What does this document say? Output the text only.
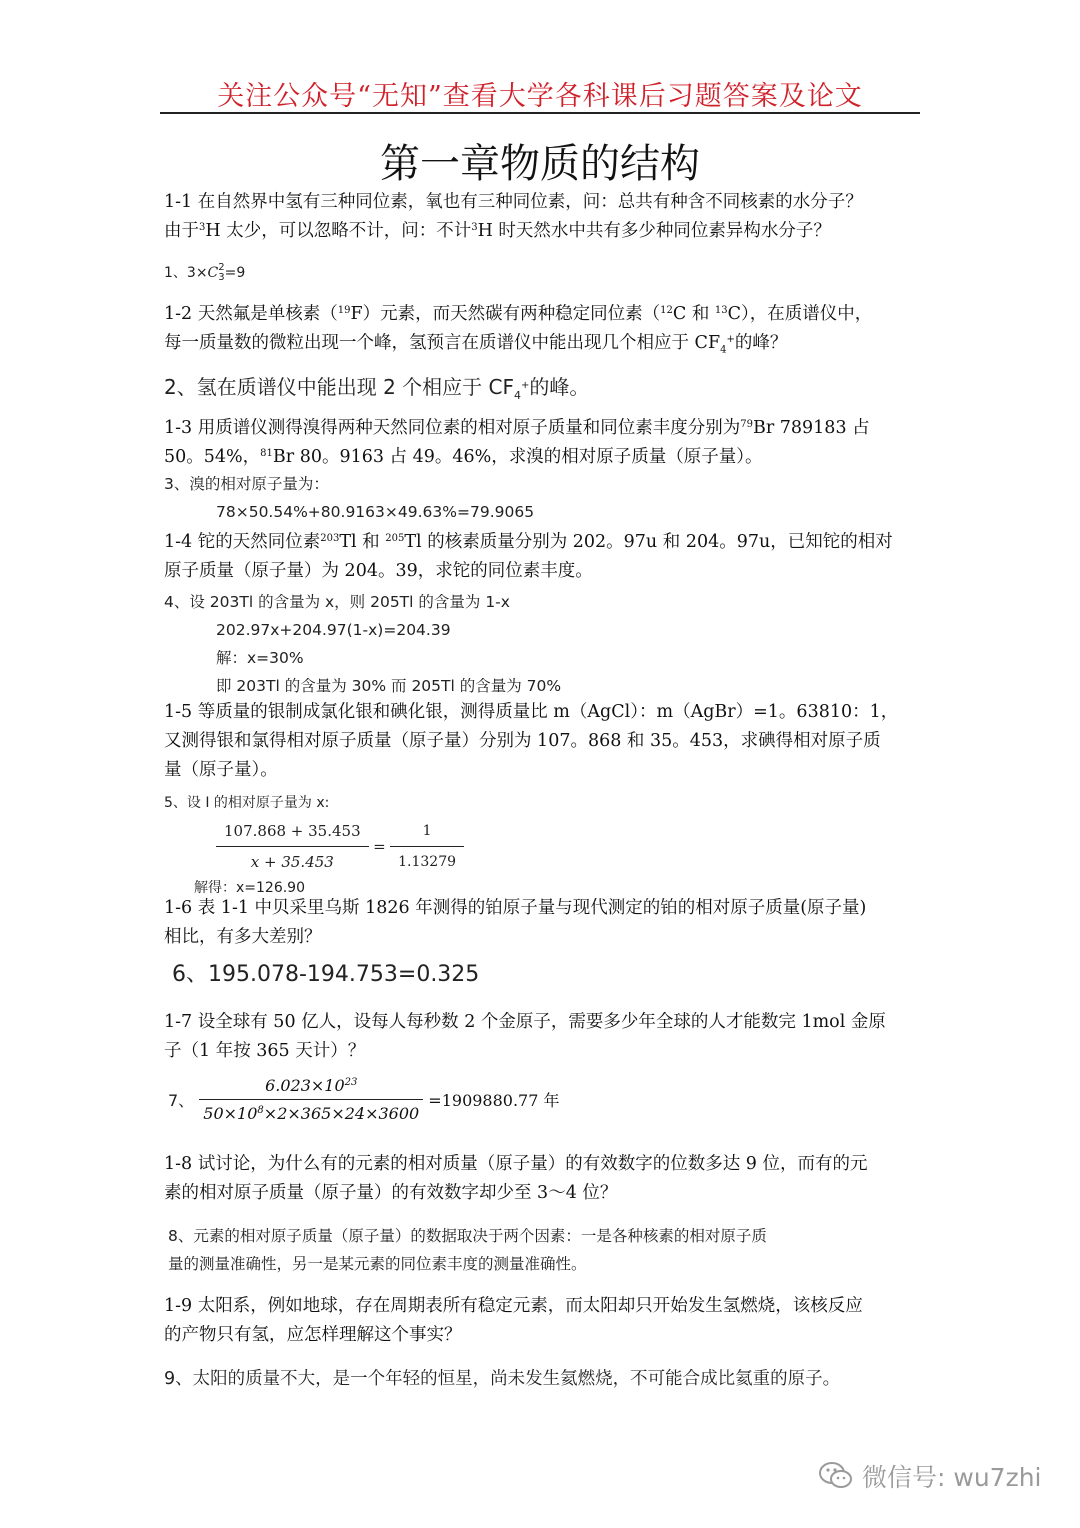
关注公众号“无知”查看大学各科课后习题答案及论文
第一章物质的结构
1-1 在自然界中氢有三种同位素，氧也有三种同位素，问：总共有种含不同核素的水分子？
由于$^3$H 太少，可以忽略不计，问：不计$^3$H 时天然水中共有多少种同位素异构水分子？
1、3×C 2
3 =9
1-2 天然氟是单核素（$^{19}$F）元素，而天然碳有两种稳定同位素（$^{12}$C 和 $^{13}$C），在质谱仪中，
每一质量数的微粒出现一个峰，氢预言在质谱仪中能出现几个相应于 $CF_4^+$的峰？
2、氢在质谱仪中能出现 2 个相应于 $CF_4^+$的峰。
1-3 用质谱仪测得溴得两种天然同位素的相对原子质量和同位素丰度分别为$^{79}$Br 789183 占
50。54%，$^{81}$Br 80。9163 占 49。46%，求溴的相对原子质量（原子量）。
3、溴的相对原子量为：
78×50.54%+80.9163×49.63%=79.9065
1-4 铊的天然同位素$^{203}$Tl 和 $^{205}$Tl 的核素质量分别为 202。97u 和 204。97u，已知铊的相对
原子质量（原子量）为 204。39，求铊的同位素丰度。
4、设 203Tl 的含量为 x，则 205Tl 的含量为 1-x
202.97x+204.97(1-x)=204.39
解：x=30%
即 203Tl 的含量为 30% 而 205Tl 的含量为 70%
1-5 等质量的银制成氯化银和碘化银，测得质量比 m（AgCl）：m（AgBr）=1。63810：1，
又测得银和氯得相对原子质量（原子量）分别为 107。868 和 35。453，求碘得相对原子质
量（原子量）。
5、设 I 的相对原子量为 x:
$\frac{107.868 + 35.453}{x + 35.453} = \frac{1}{1.13279}$
解得：x=126.90
1-6 表 1-1 中贝采里乌斯 1826 年测得的铂原子量与现代测定的铂的相对原子质量(原子量)
相比，有多大差别？
6、195.078-194.753=0.325
1-7 设全球有 50 亿人，设每人每秒数 2 个金原子，需要多少年全球的人才能数完 1mol 金原
子（1 年按 365 天计）？
7、 $\frac{6.023\times 10^{23}}{50\times 10^8\times 2\times 365\times 24\times 3600} =1909880.77$ 年
1-8 试讨论，为什么有的元素的相对质量（原子量）的有效数字的位数多达 9 位，而有的元
素的相对原子质量（原子量）的有效数字却少至 3～4 位？
8、元素的相对原子质量（原子量）的数据取决于两个因素：一是各种核素的相对原子质
量的测量准确性，另一是某元素的同位素丰度的测量准确性。
1-9 太阳系，例如地球，存在周期表所有稳定元素，而太阳却只开始发生氢燃烧，该核反应
的产物只有氢，应怎样理解这个事实？
9、太阳的质量不大，是一个年轻的恒星，尚未发生氦燃烧，不可能合成比氦重的原子。
微信号: wu7zhi
